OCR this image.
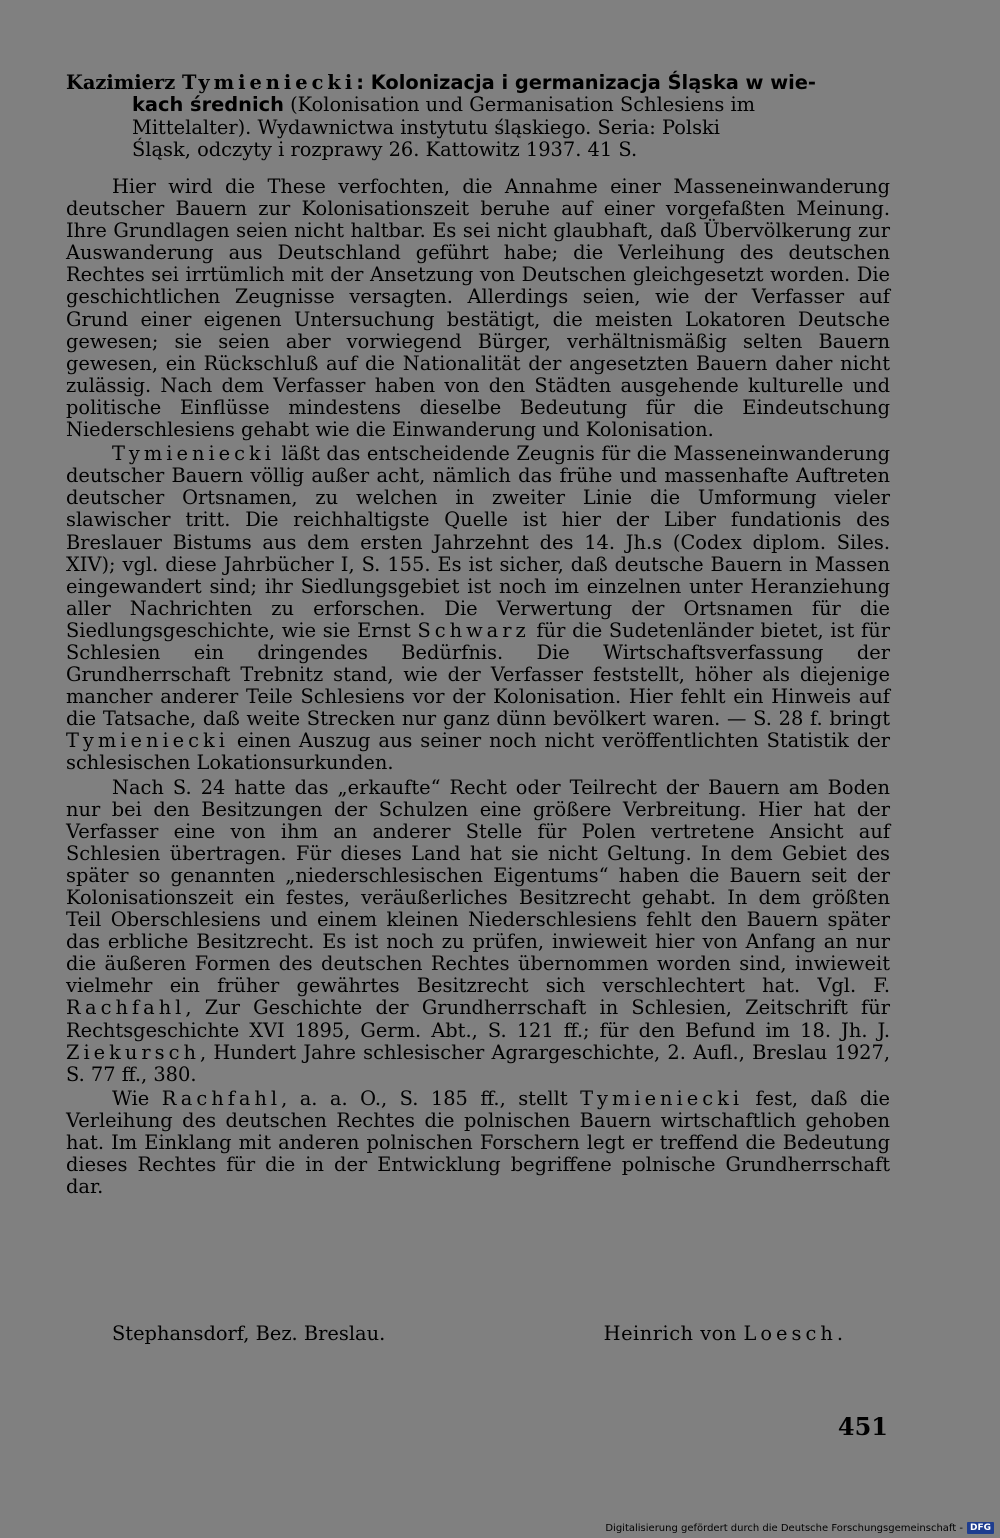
Kazimierz Tymieniecki: Kolonizacja i germanizacja Śląska w wie-
kach średnich (Kolonisation und Germanisation Schlesiens im
Mittelalter). Wydawnictwa instytutu śląskiego. Seria: Polski
Śląsk, odczyty i rozprawy 26. Kattowitz 1937. 41 S.

Hier wird die These verfochten, die Annahme einer Masseneinwanderung deutscher Bauern zur Kolonisationszeit beruhe auf einer vorgefaßten Meinung. Ihre Grundlagen seien nicht haltbar. Es sei nicht glaubhaft, daß Übervölkerung zur Auswanderung aus Deutschland geführt habe; die Verleihung des deutschen Rechtes sei irrtümlich mit der Ansetzung von Deutschen gleichgesetzt worden. Die geschichtlichen Zeugnisse versagten. Allerdings seien, wie der Verfasser auf Grund einer eigenen Untersuchung bestätigt, die meisten Lokatoren Deutsche gewesen; sie seien aber vorwiegend Bürger, verhältnismäßig selten Bauern gewesen, ein Rückschluß auf die Nationalität der angesetzten Bauern daher nicht zulässig. Nach dem Verfasser haben von den Städten ausgehende kulturelle und politische Einflüsse mindestens dieselbe Bedeutung für die Eindeutschung Niederschlesiens gehabt wie die Einwanderung und Kolonisation.

Tymieniecki läßt das entscheidende Zeugnis für die Masseneinwanderung deutscher Bauern völlig außer acht, nämlich das frühe und massenhafte Auftreten deutscher Ortsnamen, zu welchen in zweiter Linie die Umformung vieler slawischer tritt. Die reichhaltigste Quelle ist hier der Liber fundationis des Breslauer Bistums aus dem ersten Jahrzehnt des 14. Jh.s (Codex diplom. Siles. XIV); vgl. diese Jahrbücher I, S. 155. Es ist sicher, daß deutsche Bauern in Massen eingewandert sind; ihr Siedlungsgebiet ist noch im einzelnen unter Heranziehung aller Nachrichten zu erforschen. Die Verwertung der Ortsnamen für die Siedlungsgeschichte, wie sie Ernst Schwarz für die Sudetenländer bietet, ist für Schlesien ein dringendes Bedürfnis. Die Wirtschaftsverfassung der Grundherrschaft Trebnitz stand, wie der Verfasser feststellt, höher als diejenige mancher anderer Teile Schlesiens vor der Kolonisation. Hier fehlt ein Hinweis auf die Tatsache, daß weite Strecken nur ganz dünn bevölkert waren. — S. 28 f. bringt Tymieniecki einen Auszug aus seiner noch nicht veröffentlichten Statistik der schlesischen Lokationsurkunden.

Nach S. 24 hatte das „erkaufte“ Recht oder Teilrecht der Bauern am Boden nur bei den Besitzungen der Schulzen eine größere Verbreitung. Hier hat der Verfasser eine von ihm an anderer Stelle für Polen vertretene Ansicht auf Schlesien übertragen. Für dieses Land hat sie nicht Geltung. In dem Gebiet des später so genannten „niederschlesischen Eigentums“ haben die Bauern seit der Kolonisationszeit ein festes, veräußerliches Besitzrecht gehabt. In dem größten Teil Oberschlesiens und einem kleinen Niederschlesiens fehlt den Bauern später das erbliche Besitzrecht. Es ist noch zu prüfen, inwieweit hier von Anfang an nur die äußeren Formen des deutschen Rechtes übernommen worden sind, inwieweit vielmehr ein früher gewährtes Besitzrecht sich verschlechtert hat. Vgl. F. Rachfahl, Zur Geschichte der Grundherrschaft in Schlesien, Zeitschrift für Rechtsgeschichte XVI 1895, Germ. Abt., S. 121 ff.; für den Befund im 18. Jh. J. Ziekursch, Hundert Jahre schlesischer Agrargeschichte, 2. Aufl., Breslau 1927, S. 77 ff., 380.

Wie Rachfahl, a. a. O., S. 185 ff., stellt Tymieniecki fest, daß die Verleihung des deutschen Rechtes die polnischen Bauern wirtschaftlich gehoben hat. Im Einklang mit anderen polnischen Forschern legt er treffend die Bedeutung dieses Rechtes für die in der Entwicklung begriffene polnische Grundherrschaft dar.

Stephansdorf, Bez. Breslau.	Heinrich von Loesch.
451
Digitalisierung gefördert durch die Deutsche Forschungsgemeinschaft - DFG
